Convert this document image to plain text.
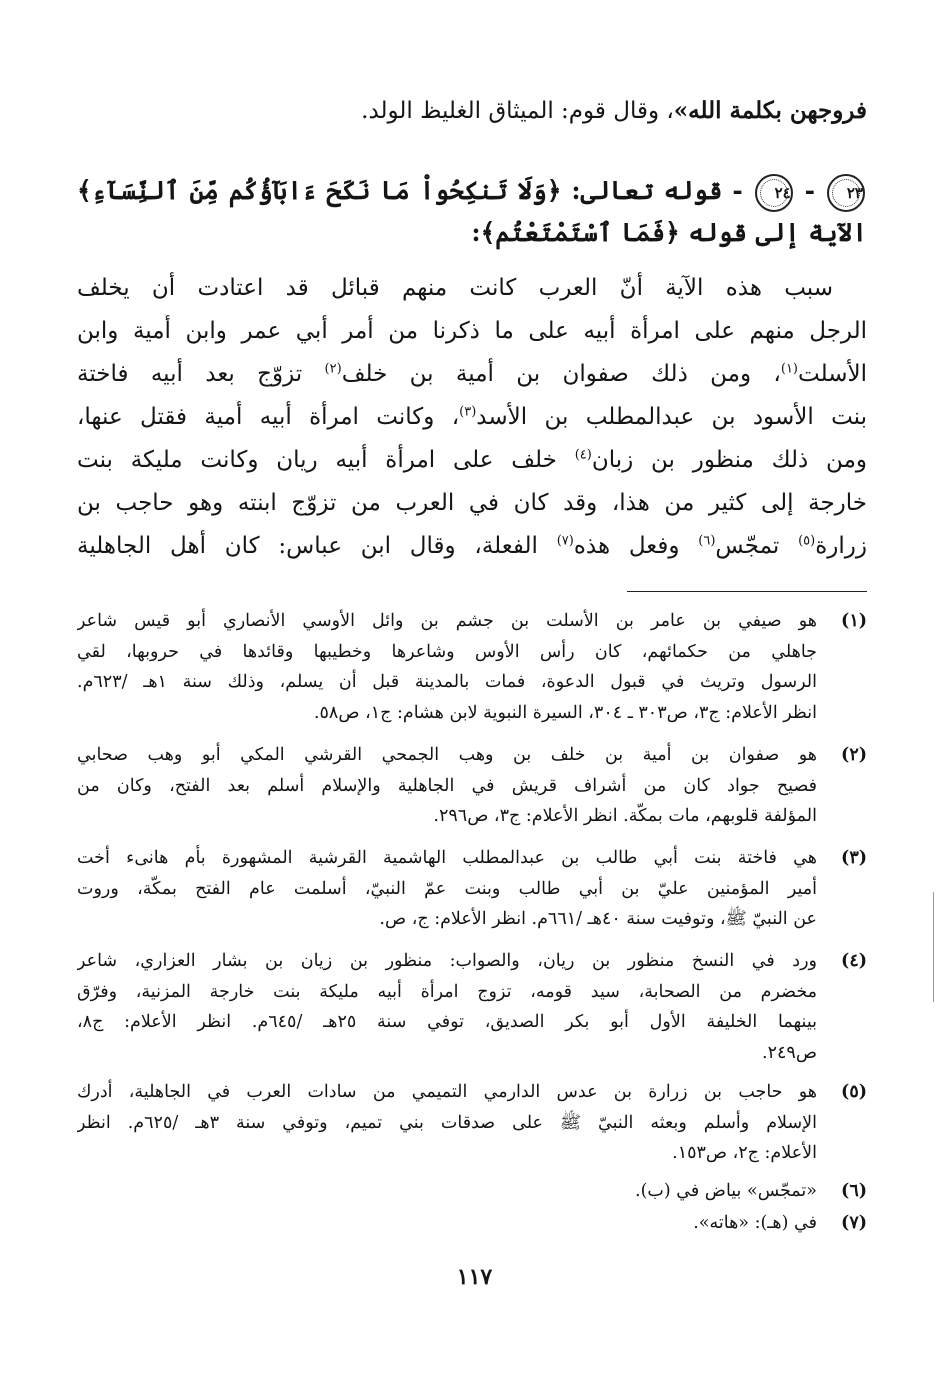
فروجهن بكلمة الله»، وقال قوم: الميثاق الغليظ الولد.
٢٣ - ٢٤ - قوله تعالى: ﴿وَلَا تَنكِحُواْ مَا نَكَحَ ءَابَآؤُكُم مِّنَ ٱلنِّسَآءِ﴾
الآية إلى قوله ﴿فَمَا ٱسْتَمْتَعْتُم﴾:
سبب هذه الآية أنّ العرب كانت منهم قبائل قد اعتادت أن يخلف
الرجل منهم على امرأة أبيه على ما ذكرنا من أمر أبي عمر وابن أُمية وابن
الأسلت$^{(١)}$، ومن ذلك صفوان بن أمية بن خلف$^{(٢)}$ تزوّج بعد أبيه فاختة
بنت الأسود بن عبدالمطلب بن الأسد$^{(٣)}$، وكانت امرأة أبيه أُمية فقتل عنها،
ومن ذلك منظور بن زبان$^{(٤)}$ خلف على امرأة أبيه ريان وكانت مليكة بنت
خارجة إلى كثير من هذا، وقد كان في العرب من تزوّج ابنته وهو حاجب بن
زرارة$^{(٥)}$ تمجّس$^{(٦)}$ وفعل هذه$^{(٧)}$ الفعلة، وقال ابن عباس: كان أهل الجاهلية
(١)
هو صيفي بن عامر بن الأسلت بن جشم بن وائل الأوسي الأنصاري أبو قيس شاعر
جاهلي من حكمائهم، كان رأس الأوس وشاعرها وخطيبها وقائدها في حروبها، لقي
الرسول وتريث في قبول الدعوة، فمات بالمدينة قبل أن يسلم، وذلك سنة ١هـ /٦٢٣م.
انظر الأعلام: ج٣، ص٣٠٣ ـ ٣٠٤، السيرة النبوية لابن هشام: ج١، ص٥٨.
(٢)
هو صفوان بن أمية بن خلف بن وهب الجمحي القرشي المكي أبو وهب صحابي
فصيح جواد كان من أشراف قريش في الجاهلية والإسلام أسلم بعد الفتح، وكان من
المؤلفة قلوبهم، مات بمكّة. انظر الأعلام: ج٣، ص٢٩٦.
(٣)
هي فاختة بنت أبي طالب بن عبدالمطلب الهاشمية القرشية المشهورة بأم هانىء أخت
أمير المؤمنين عليّ بن أبي طالب وبنت عمّ النبيّ، أسلمت عام الفتح بمكّة، وروت
عن النبيّ ﷺ، وتوفيت سنة ٤٠هـ /٦٦١م. انظر الأعلام: ج، ص.
(٤)
ورد في النسخ منظور بن ريان، والصواب: منظور بن زيان بن بشار العزاري، شاعر
مخضرم من الصحابة، سيد قومه، تزوج امرأة أبيه مليكة بنت خارجة المزنية، وفرّق
بينهما الخليفة الأول أبو بكر الصديق، توفي سنة ٢٥هـ /٦٤٥م. انظر الأعلام: ج٨،
ص٢٤٩.
(٥)
هو حاجب بن زرارة بن عدس الدارمي التميمي من سادات العرب في الجاهلية، أدرك
الإسلام وأسلم وبعثه النبيّ ﷺ على صدقات بني تميم، وتوفي سنة ٣هـ /٦٢٥م. انظر
الأعلام: ج٢، ص١٥٣.
(٦)
«تمجّس» بياض في (ب).
(٧)
في (هـ): «هاته».
١١٧
